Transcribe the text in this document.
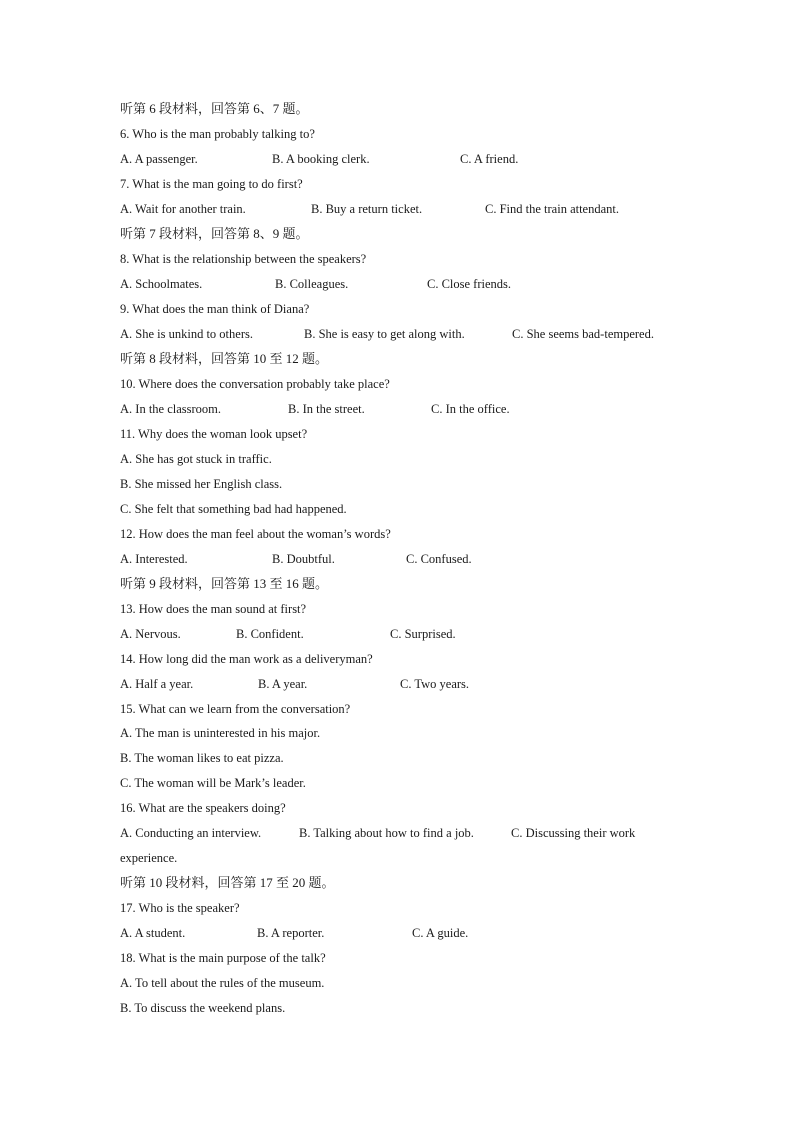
听第 6 段材料，回答第 6、7 题。
6. Who is the man probably talking to?
A. A passenger.	B. A booking clerk.	C. A friend.
7. What is the man going to do first?
A. Wait for another train.	B. Buy a return ticket.	C. Find the train attendant.
听第 7 段材料，回答第 8、9 题。
8. What is the relationship between the speakers?
A. Schoolmates.	B. Colleagues.	C. Close friends.
9. What does the man think of Diana?
A. She is unkind to others.	B. She is easy to get along with.	C. She seems bad-tempered.
听第 8 段材料，回答第 10 至 12 题。
10. Where does the conversation probably take place?
A. In the classroom.	B. In the street.	C. In the office.
11. Why does the woman look upset?
A. She has got stuck in traffic.
B. She missed her English class.
C. She felt that something bad had happened.
12. How does the man feel about the woman’s words?
A. Interested.	B. Doubtful.	C. Confused.
听第 9 段材料，回答第 13 至 16 题。
13. How does the man sound at first?
A. Nervous.	B. Confident.	C. Surprised.
14. How long did the man work as a deliveryman?
A. Half a year.	B. A year.	C. Two years.
15. What can we learn from the conversation?
A. The man is uninterested in his major.
B. The woman likes to eat pizza.
C. The woman will be Mark’s leader.
16. What are the speakers doing?
A. Conducting an interview.	B. Talking about how to find a job.	C. Discussing their work
experience.
听第 10 段材料，回答第 17 至 20 题。
17. Who is the speaker?
A. A student.	B. A reporter.	C. A guide.
18. What is the main purpose of the talk?
A. To tell about the rules of the museum.
B. To discuss the weekend plans.
